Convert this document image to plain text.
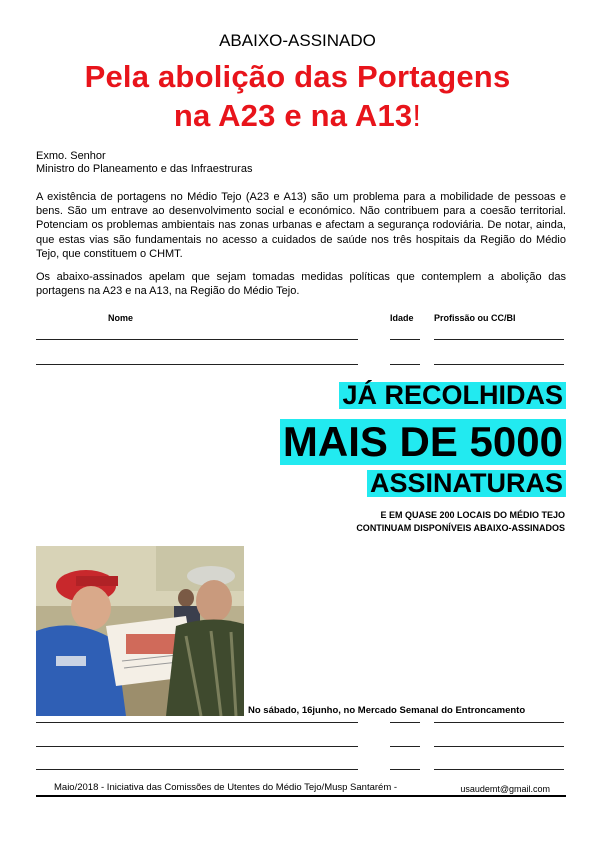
ABAIXO-ASSINADO
Pela abolição das Portagens
na A23 e na A13!
Exmo. Senhor
Ministro do Planeamento e das Infraestruras
A existência de portagens no Médio Tejo (A23 e A13) são um problema para a mobilidade de pessoas e bens. São um entrave ao desenvolvimento social e económico. Não contribuem para a coesão territorial. Potenciam os problemas ambientais nas zonas urbanas e afectam a segurança rodoviária. De notar, ainda, que estas vias são fundamentais no acesso a cuidados de saúde nos três hospitais da Região do Médio Tejo, que constituem o CHMT.
Os abaixo-assinados apelam que sejam tomadas medidas políticas que contemplem a abolição das portagens na A23 e na A13, na Região do Médio Tejo.
Nome	Idade Profissão ou CC/BI
JÁ RECOLHIDAS
MAIS DE 5000
ASSINATURAS
E EM QUASE 200 LOCAIS DO MÉDIO TEJO
CONTINUAM DISPONÍVEIS ABAIXO-ASSINADOS
No sábado, 16junho, no Mercado Semanal do Entroncamento
Maio/2018 - Iniciativa das Comissões de Utentes do Médio Tejo/Musp Santarém -	usaudemt@gmail.com
